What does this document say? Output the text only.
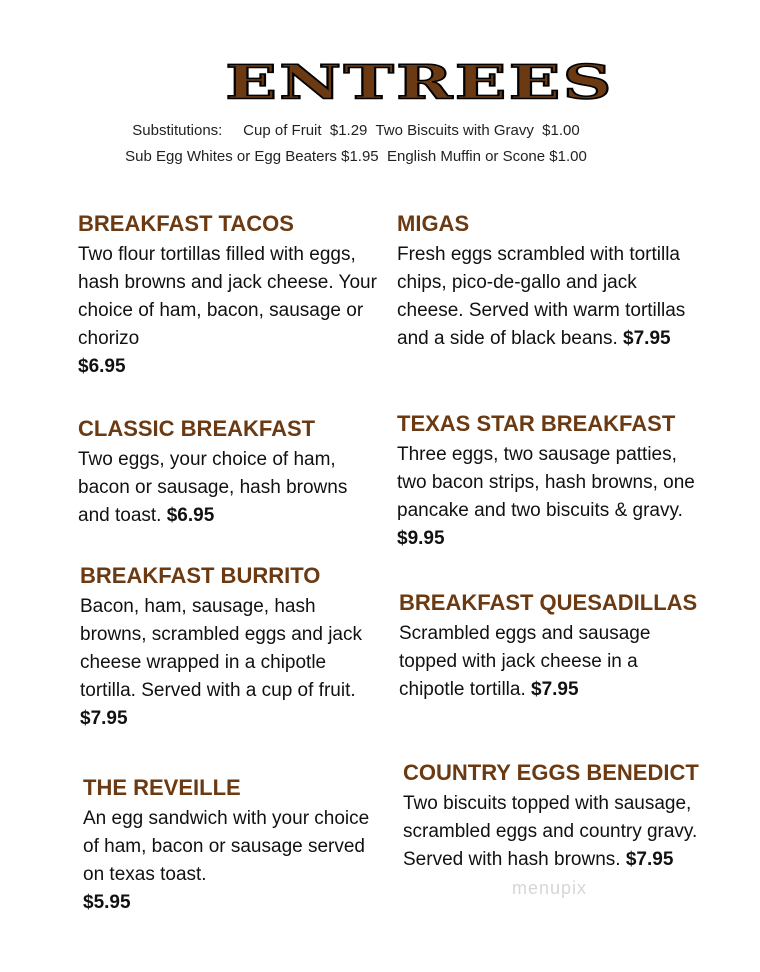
ENTREES
Substitutions:     Cup of Fruit  $1.29  Two Biscuits with Gravy  $1.00
Sub Egg Whites or Egg Beaters $1.95  English Muffin or Scone $1.00
BREAKFAST TACOS

Two flour tortillas filled with eggs, hash browns and jack cheese. Your choice of ham, bacon, sausage or chorizo
$6.95

MIGAS

Fresh eggs scrambled with tortilla chips, pico-de-gallo and jack cheese. Served with warm tortillas and a side of black beans. $7.95

CLASSIC BREAKFAST

Two eggs, your choice of ham, bacon or sausage, hash browns and toast. $6.95

TEXAS STAR BREAKFAST

Three eggs, two sausage patties, two bacon strips, hash browns, one pancake and two biscuits & gravy. $9.95

BREAKFAST BURRITO

Bacon, ham, sausage, hash browns, scrambled eggs and jack cheese wrapped in a chipotle tortilla. Served with a cup of fruit. $7.95

BREAKFAST QUESADILLAS

Scrambled eggs and sausage topped with jack cheese in a chipotle tortilla. $7.95

THE REVEILLE

An egg sandwich with your choice of ham, bacon or sausage served on texas toast.
$5.95

COUNTRY EGGS BENEDICT

Two biscuits topped with sausage, scrambled eggs and country gravy. Served with hash browns. $7.95

menupix
